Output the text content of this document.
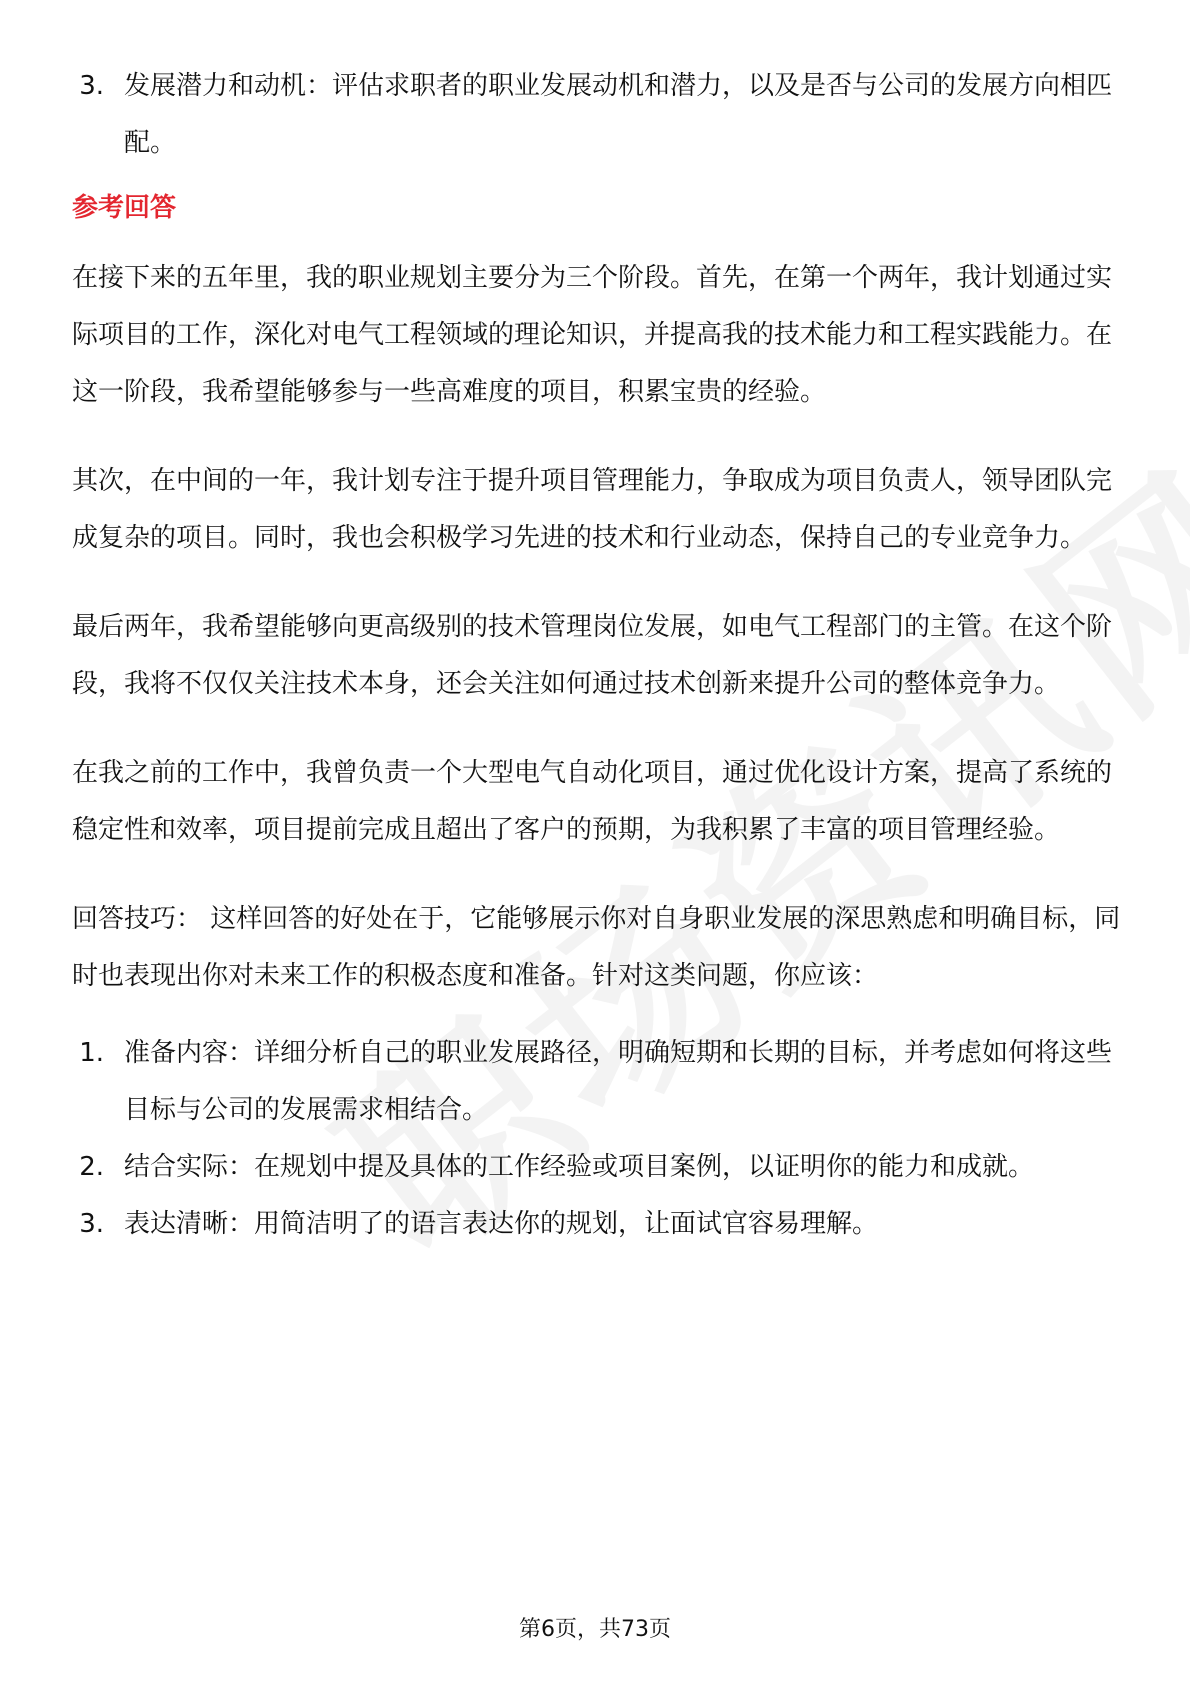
3. 发展潜力和动机：评估求职者的职业发展动机和潜力，以及是否与公司的发展方向相匹配。
参考回答

在接下来的五年里，我的职业规划主要分为三个阶段。首先，在第一个两年，我计划通过实际项目的工作，深化对电气工程领域的理论知识，并提高我的技术能力和工程实践能力。在这一阶段，我希望能够参与一些高难度的项目，积累宝贵的经验。

其次，在中间的一年，我计划专注于提升项目管理能力，争取成为项目负责人，领导团队完成复杂的项目。同时，我也会积极学习先进的技术和行业动态，保持自己的专业竞争力。

最后两年，我希望能够向更高级别的技术管理岗位发展，如电气工程部门的主管。在这个阶段，我将不仅仅关注技术本身，还会关注如何通过技术创新来提升公司的整体竞争力。

在我之前的工作中，我曾负责一个大型电气自动化项目，通过优化设计方案，提高了系统的稳定性和效率，项目提前完成且超出了客户的预期，为我积累了丰富的项目管理经验。

回答技巧： 这样回答的好处在于，它能够展示你对自身职业发展的深思熟虑和明确目标，同时也表现出你对未来工作的积极态度和准备。针对这类问题，你应该：

1. 准备内容：详细分析自己的职业发展路径，明确短期和长期的目标，并考虑如何将这些目标与公司的发展需求相结合。
2. 结合实际：在规划中提及具体的工作经验或项目案例，以证明你的能力和成就。
3. 表达清晰：用简洁明了的语言表达你的规划，让面试官容易理解。
第6页，共73页
